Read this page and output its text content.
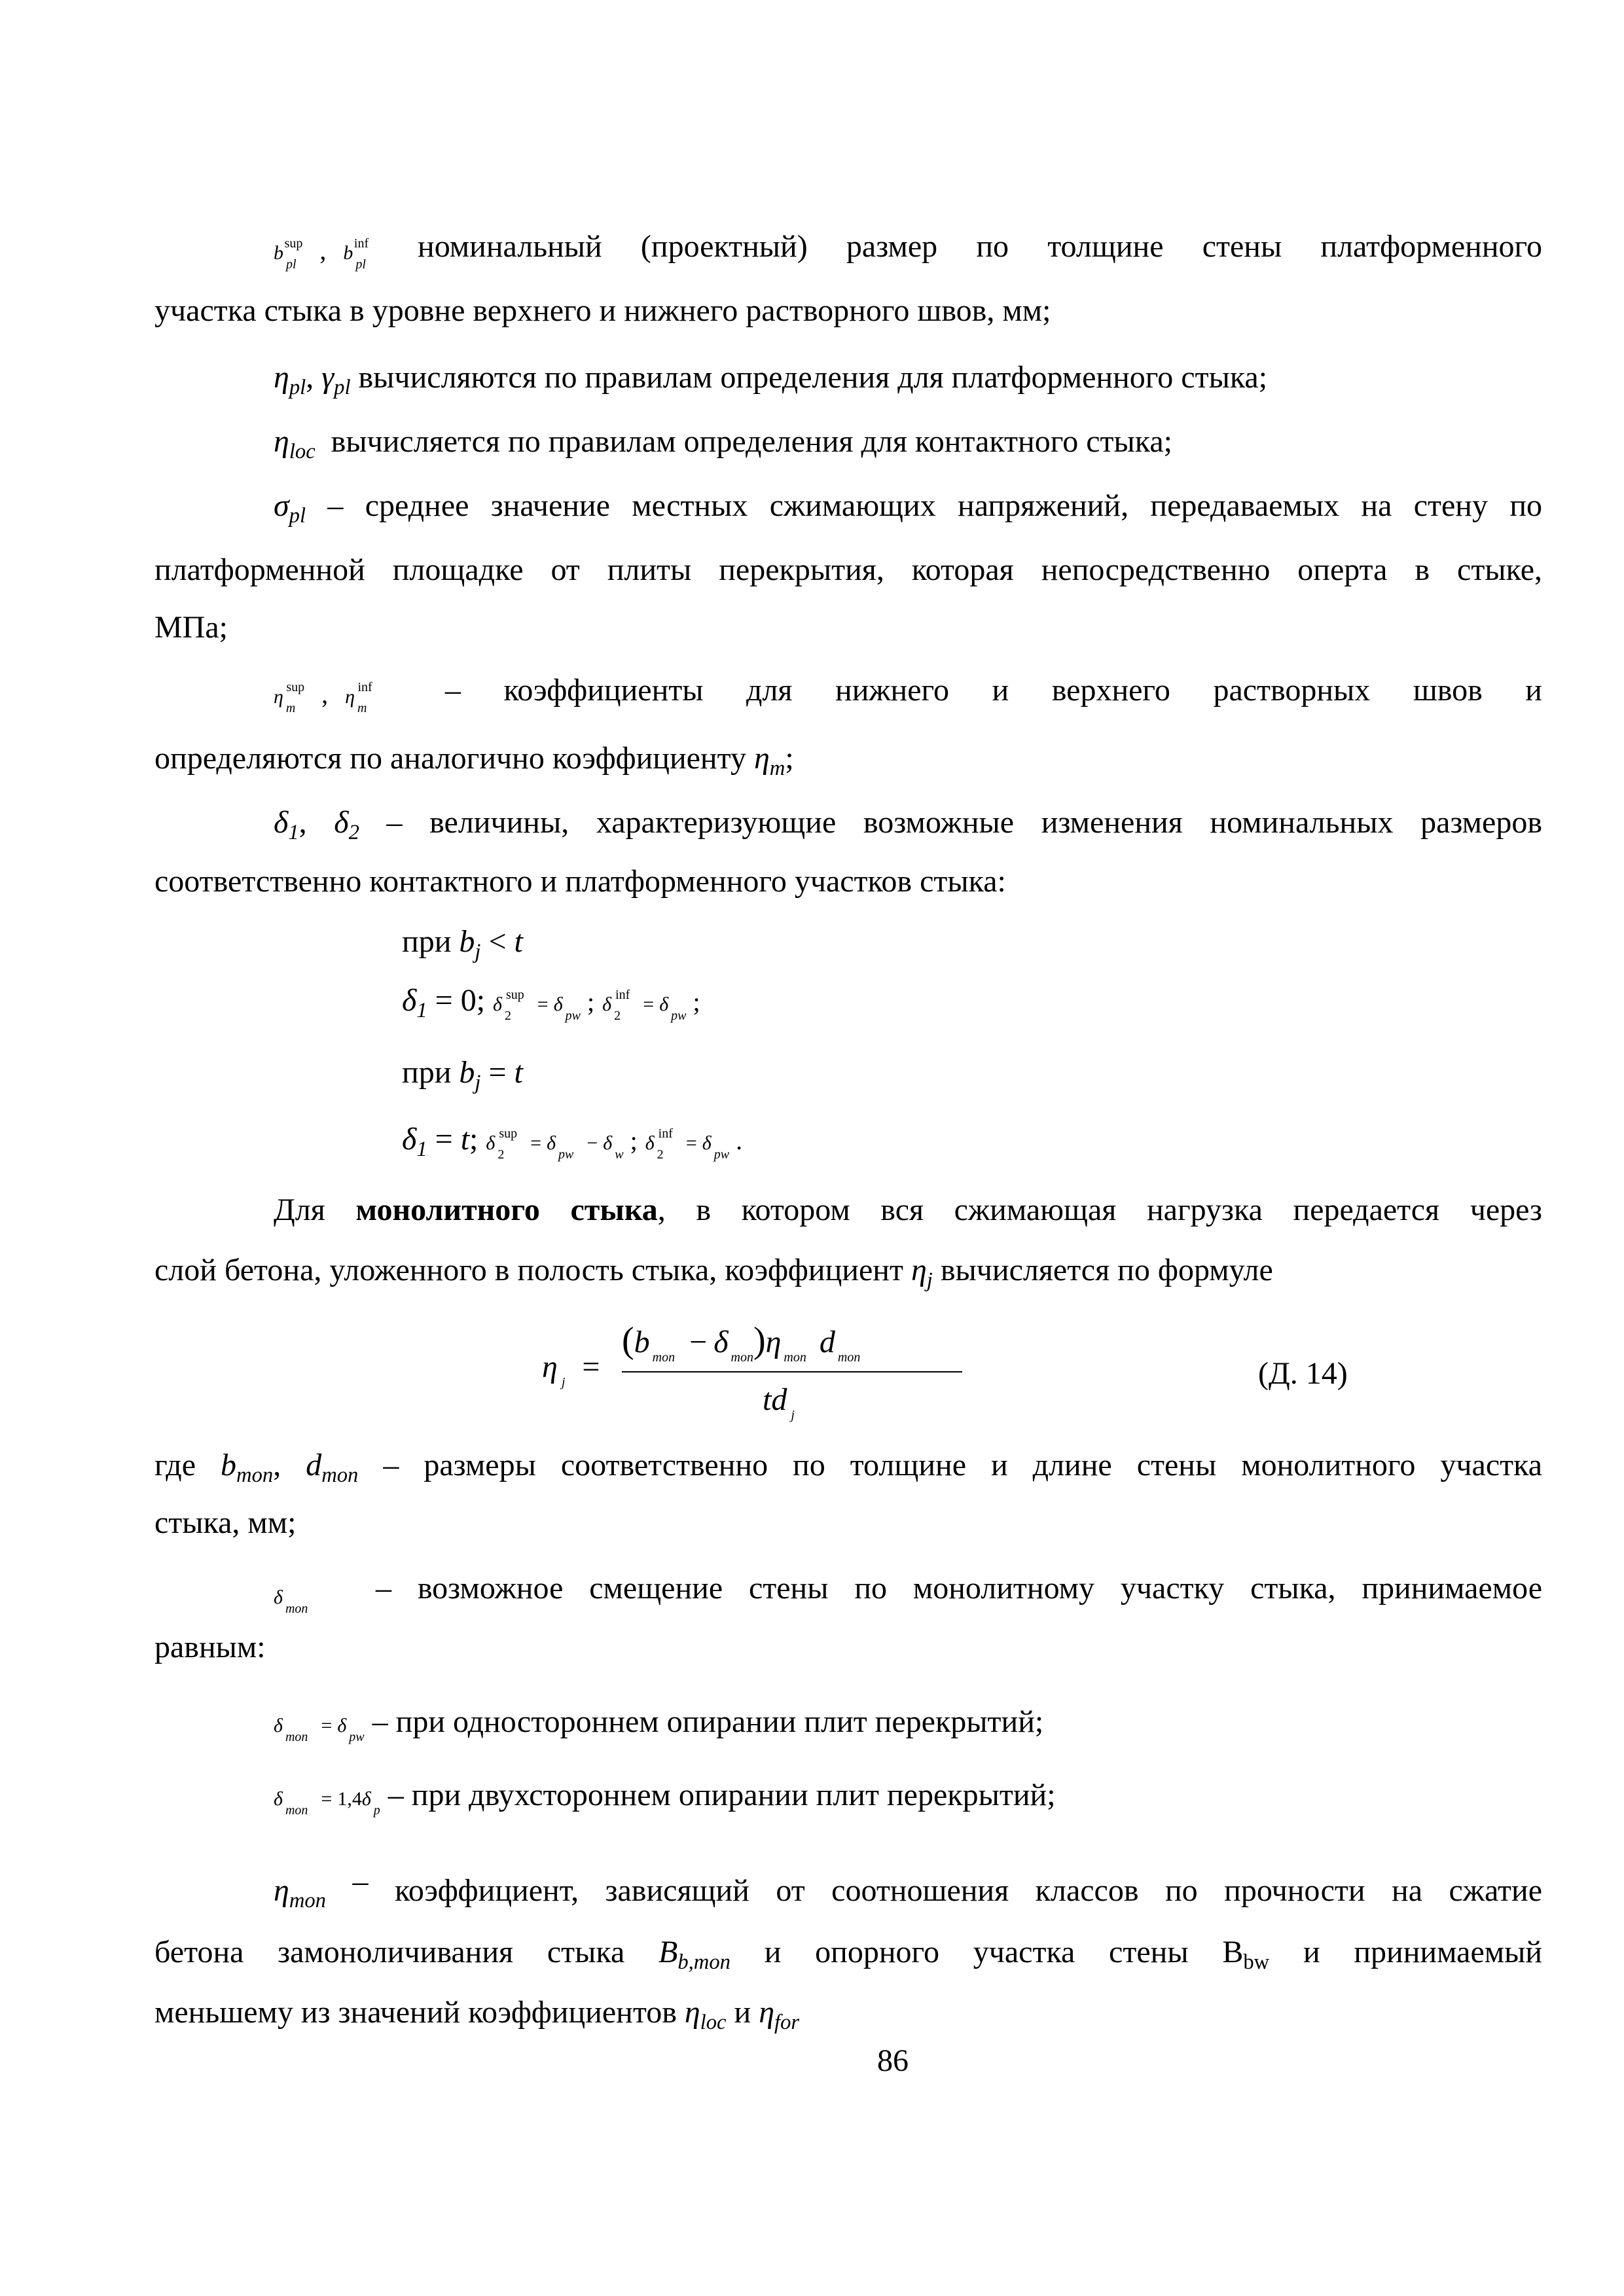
$b_{pl}^{sup}$ , $b_{pl}^{inf}$ номинальный (проектный) размер по толщине стены платформенного
участка стыка в уровне верхнего и нижнего растворного швов, мм;
$\eta_{pl}$, $\gamma_{pl}$ вычисляются по правилам определения для платформенного стыка;
$\eta_{loc}$ вычисляется по правилам определения для контактного стыка;
$\sigma_{pl}$ – среднее значение местных сжимающих напряжений, передаваемых на стену по
платформенной площадке от плиты перекрытия, которая непосредственно оперта в стыке,
МПа;
$\eta_m^{sup}$ , $\eta_m^{inf}$ – коэффициенты для нижнего и верхнего растворных швов и
определяются по аналогично коэффициенту $\eta_m$;
$\delta_1$, $\delta_2$ – величины, характеризующие возможные изменения номинальных размеров
соответственно контактного и платформенного участков стыка:
при $b_j < t$
$\delta_1 = 0$; $\delta_2^{sup} = \delta_{pw}$ ; $\delta_2^{inf} = \delta_{pw}$ ;
при $b_j = t$
$\delta_1 = t$; $\delta_2^{sup} = \delta_{pw} - \delta_w$ ; $\delta_2^{inf} = \delta_{pw}$ .
Для монолитного стыка, в котором вся сжимающая нагрузка передается через
слой бетона, уложенного в полость стыка, коэффициент $\eta_j$ вычисляется по формуле
η $_j$ =
(b $_{mon}$ − δ $_{mon}$)η $_{mon}$ d $_{mon}$
td $_j$
(Д. 14)
где $b_{mon}$, $d_{mon}$ – размеры соответственно по толщине и длине стены монолитного участка
стыка, мм;
$\delta_{mon}$
– возможное смещение стены по монолитному участку стыка, принимаемое
равным:
$\delta_{mon} = \delta_{pw}$ – при одностороннем опирании плит перекрытий;
$\delta_{mon} = 1,4\delta_p$ – при двухстороннем опирании плит перекрытий;
$\eta_{mon}$ – коэффициент, зависящий от соотношения классов по прочности на сжатие
бетона замоноличивания стыка $B_{b,mon}$ и опорного участка стены $B_{bw}$ и принимаемый
меньшему из значений коэффициентов $\eta_{loc}$ и $\eta_{for}$
86
